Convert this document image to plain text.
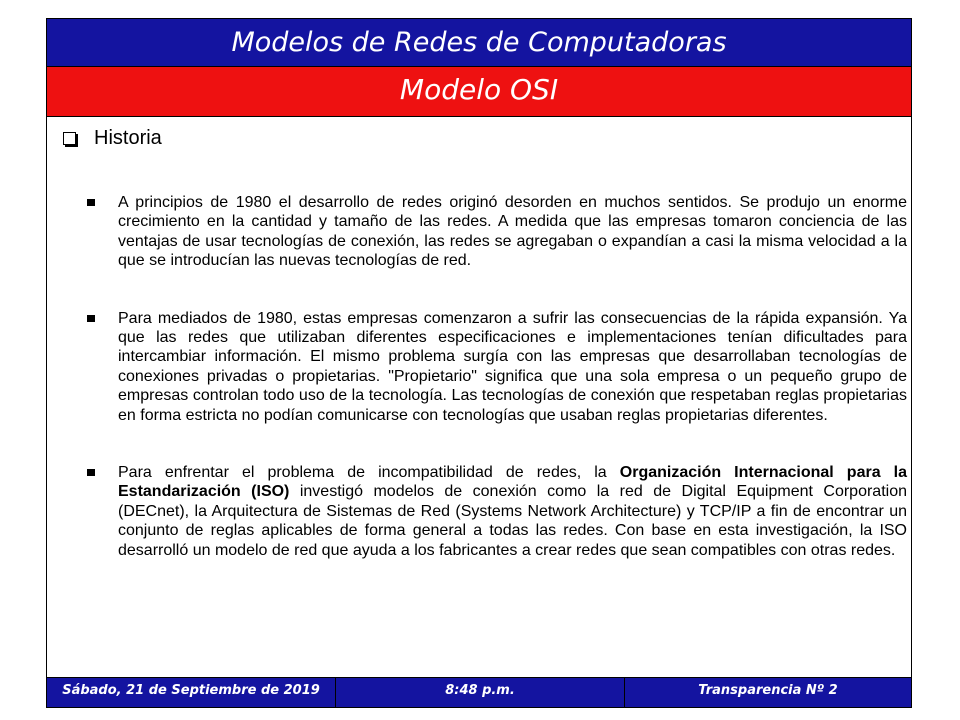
Modelos de Redes de Computadoras
Modelo OSI
Historia

A principios de 1980 el desarrollo de redes originó desorden en muchos sentidos. Se produjo un enorme crecimiento en la cantidad y tamaño de las redes. A medida que las empresas tomaron conciencia de las ventajas de usar tecnologías de conexión, las redes se agregaban o expandían a casi la misma velocidad a la que se introducían las nuevas tecnologías de red.

Para mediados de 1980, estas empresas comenzaron a sufrir las consecuencias de la rápida expansión. Ya que las redes que utilizaban diferentes especificaciones e implementaciones tenían dificultades para intercambiar información. El mismo problema surgía con las empresas que desarrollaban tecnologías de conexiones privadas o propietarias. "Propietario" significa que una sola empresa o un pequeño grupo de empresas controlan todo uso de la tecnología. Las tecnologías de conexión que respetaban reglas propietarias en forma estricta no podían comunicarse con tecnologías que usaban reglas propietarias diferentes.

Para enfrentar el problema de incompatibilidad de redes, la Organización Internacional para la Estandarización (ISO) investigó modelos de conexión como la red de Digital Equipment Corporation (DECnet), la Arquitectura de Sistemas de Red (Systems Network Architecture) y TCP/IP a fin de encontrar un conjunto de reglas aplicables de forma general a todas las redes. Con base en esta investigación, la ISO desarrolló un modelo de red que ayuda a los fabricantes a crear redes que sean compatibles con otras redes.

Sábado, 21 de Septiembre de 2019	8:48 p.m.	Transparencia Nº 2
